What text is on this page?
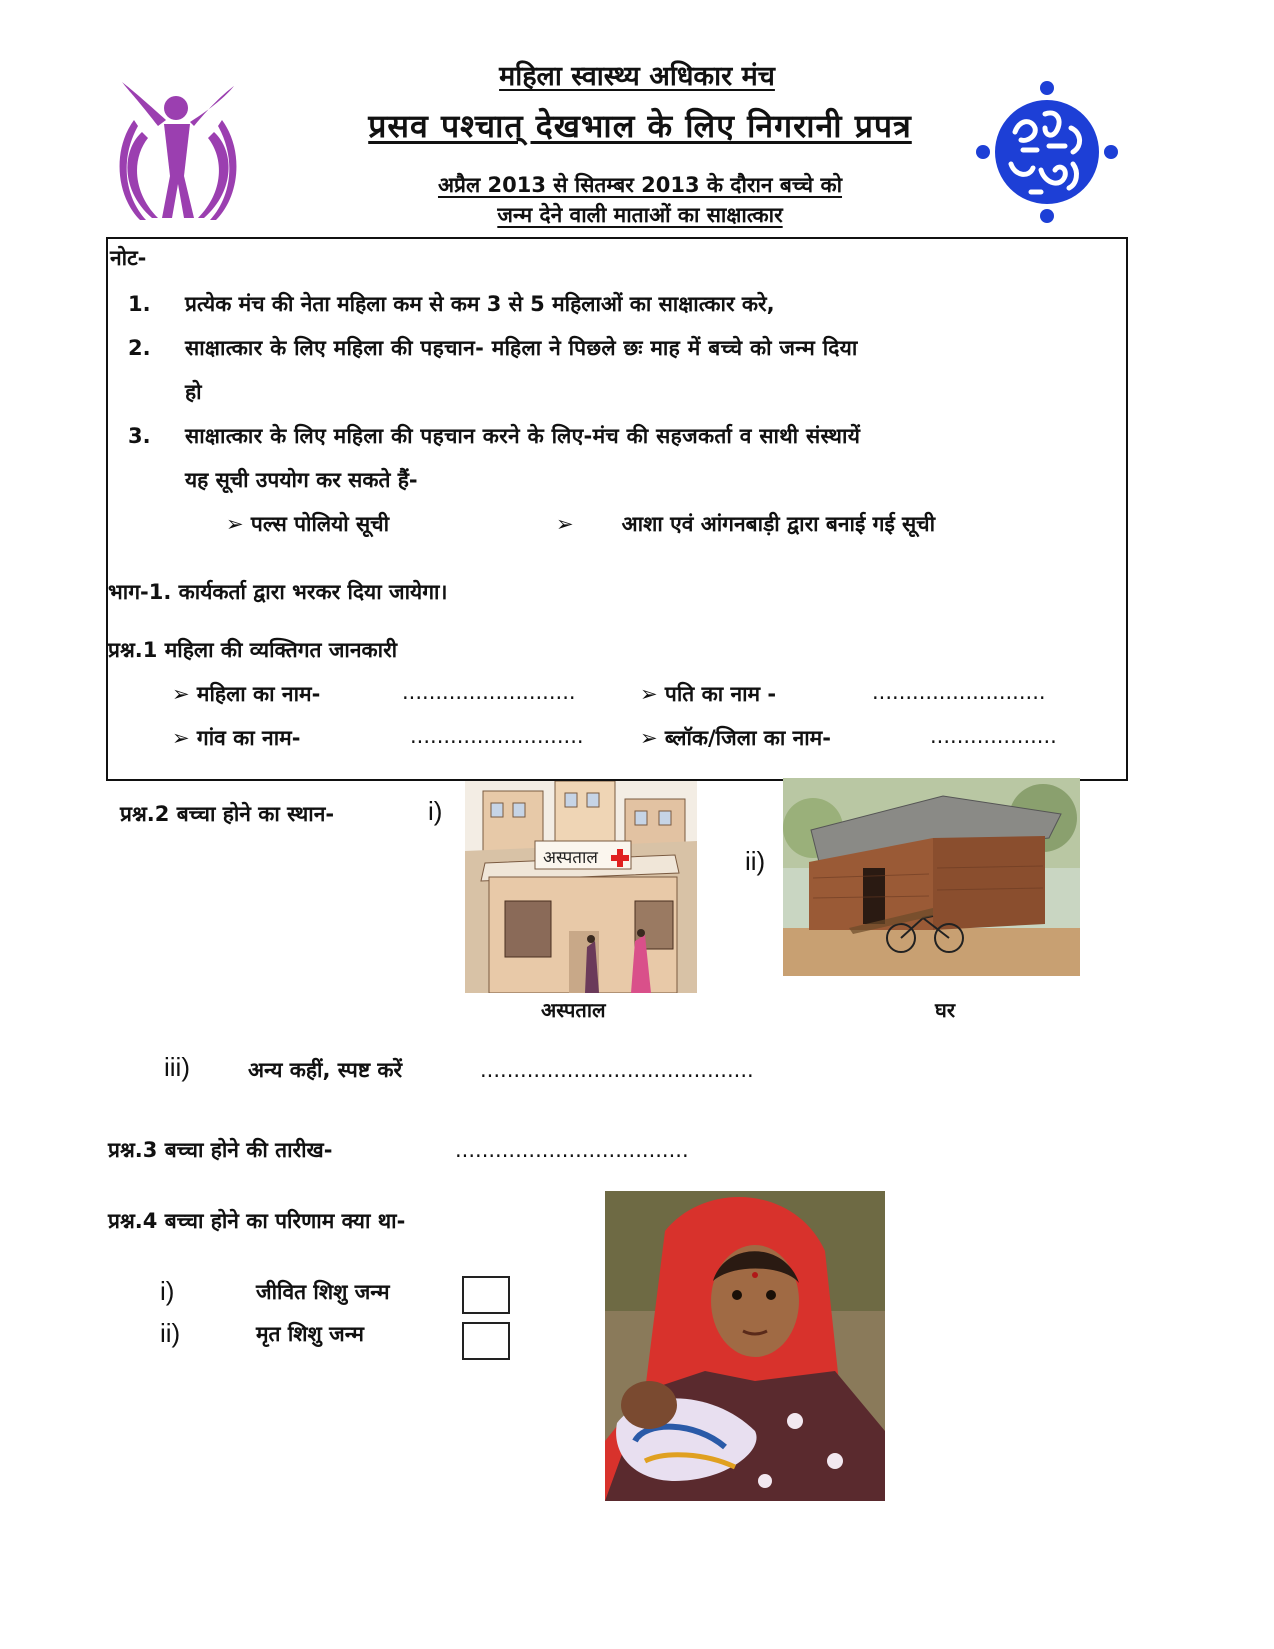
महिला स्वास्थ्य अधिकार मंच
प्रसव पश्चात् देखभाल के लिए निगरानी प्रपत्र
अप्रैल 2013 से सितम्बर 2013 के दौरान बच्चे को
जन्म देने वाली माताओं का साक्षात्कार
नोट-
1. प्रत्येक मंच की नेता महिला कम से कम 3 से 5 महिलाओं का साक्षात्कार करे,
2. साक्षात्कार के लिए महिला की पहचान- महिला ने पिछले छः माह में बच्चे को जन्म दिया
हो
3. साक्षात्कार के लिए महिला की पहचान करने के लिए-मंच की सहजकर्ता व साथी संस्थायें
यह सूची उपयोग कर सकते हैं-
➢ पल्स पोलियो सूची	➢ आशा एवं आंगनबाड़ी द्वारा बनाई गई सूची
भाग-1. कार्यकर्ता द्वारा भरकर दिया जायेगा।
प्रश्न.1 महिला की व्यक्तिगत जानकारी
➢ महिला का नाम-	..........................	➢ पति का नाम -	..........................
➢ गांव का नाम-	..........................	➢ ब्लॉक/जिला का नाम-	...................
प्रश्न.2 बच्चा होने का स्थान-	i)
अस्पताल	ii)
अस्पताल	घर
iii)	अन्य कहीं, स्पष्ट करें	.........................................
प्रश्न.3 बच्चा होने की तारीख-	...................................
प्रश्न.4 बच्चा होने का परिणाम क्या था-
i)	जीवित शिशु जन्म
ii)	मृत शिशु जन्म
